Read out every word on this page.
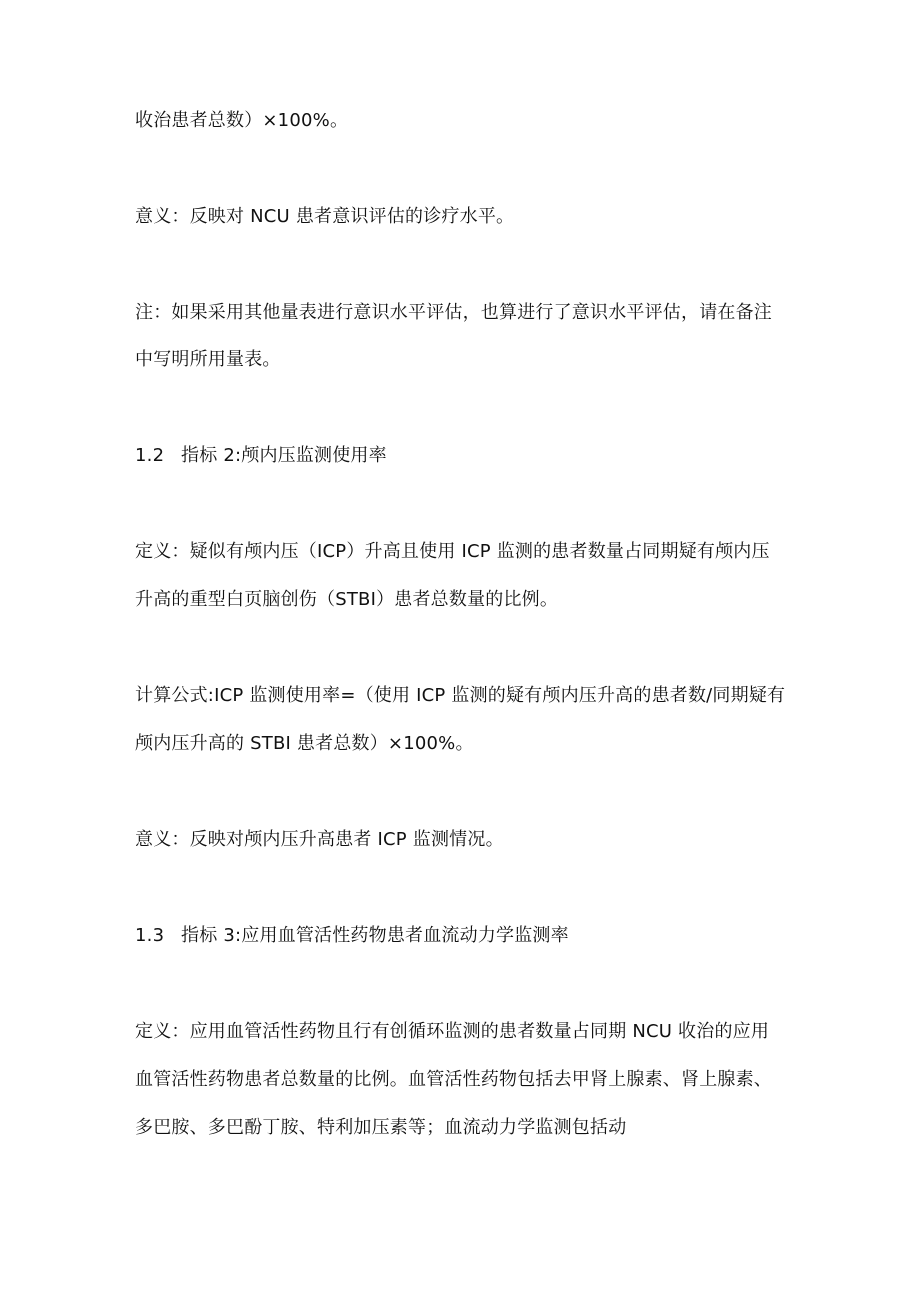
收治患者总数）×100%。
意义：反映对 NCU 患者意识评估的诊疗水平。
注：如果采用其他量表进行意识水平评估，也算进行了意识水平评估，请在备注
中写明所用量表。
1.2 指标 2:颅内压监测使用率
定义：疑似有颅内压（ICP）升高且使用 ICP 监测的患者数量占同期疑有颅内压
升高的重型白页脑创伤（STBI）患者总数量的比例。
计算公式:ICP 监测使用率=（使用 ICP 监测的疑有颅内压升高的患者数/同期疑有
颅内压升高的 STBI 患者总数）×100%。
意义：反映对颅内压升高患者 ICP 监测情况。
1.3 指标 3:应用血管活性药物患者血流动力学监测率
定义：应用血管活性药物且行有创循环监测的患者数量占同期 NCU 收治的应用
血管活性药物患者总数量的比例。血管活性药物包括去甲肾上腺素、肾上腺素、
多巴胺、多巴酚丁胺、特利加压素等；血流动力学监测包括动
